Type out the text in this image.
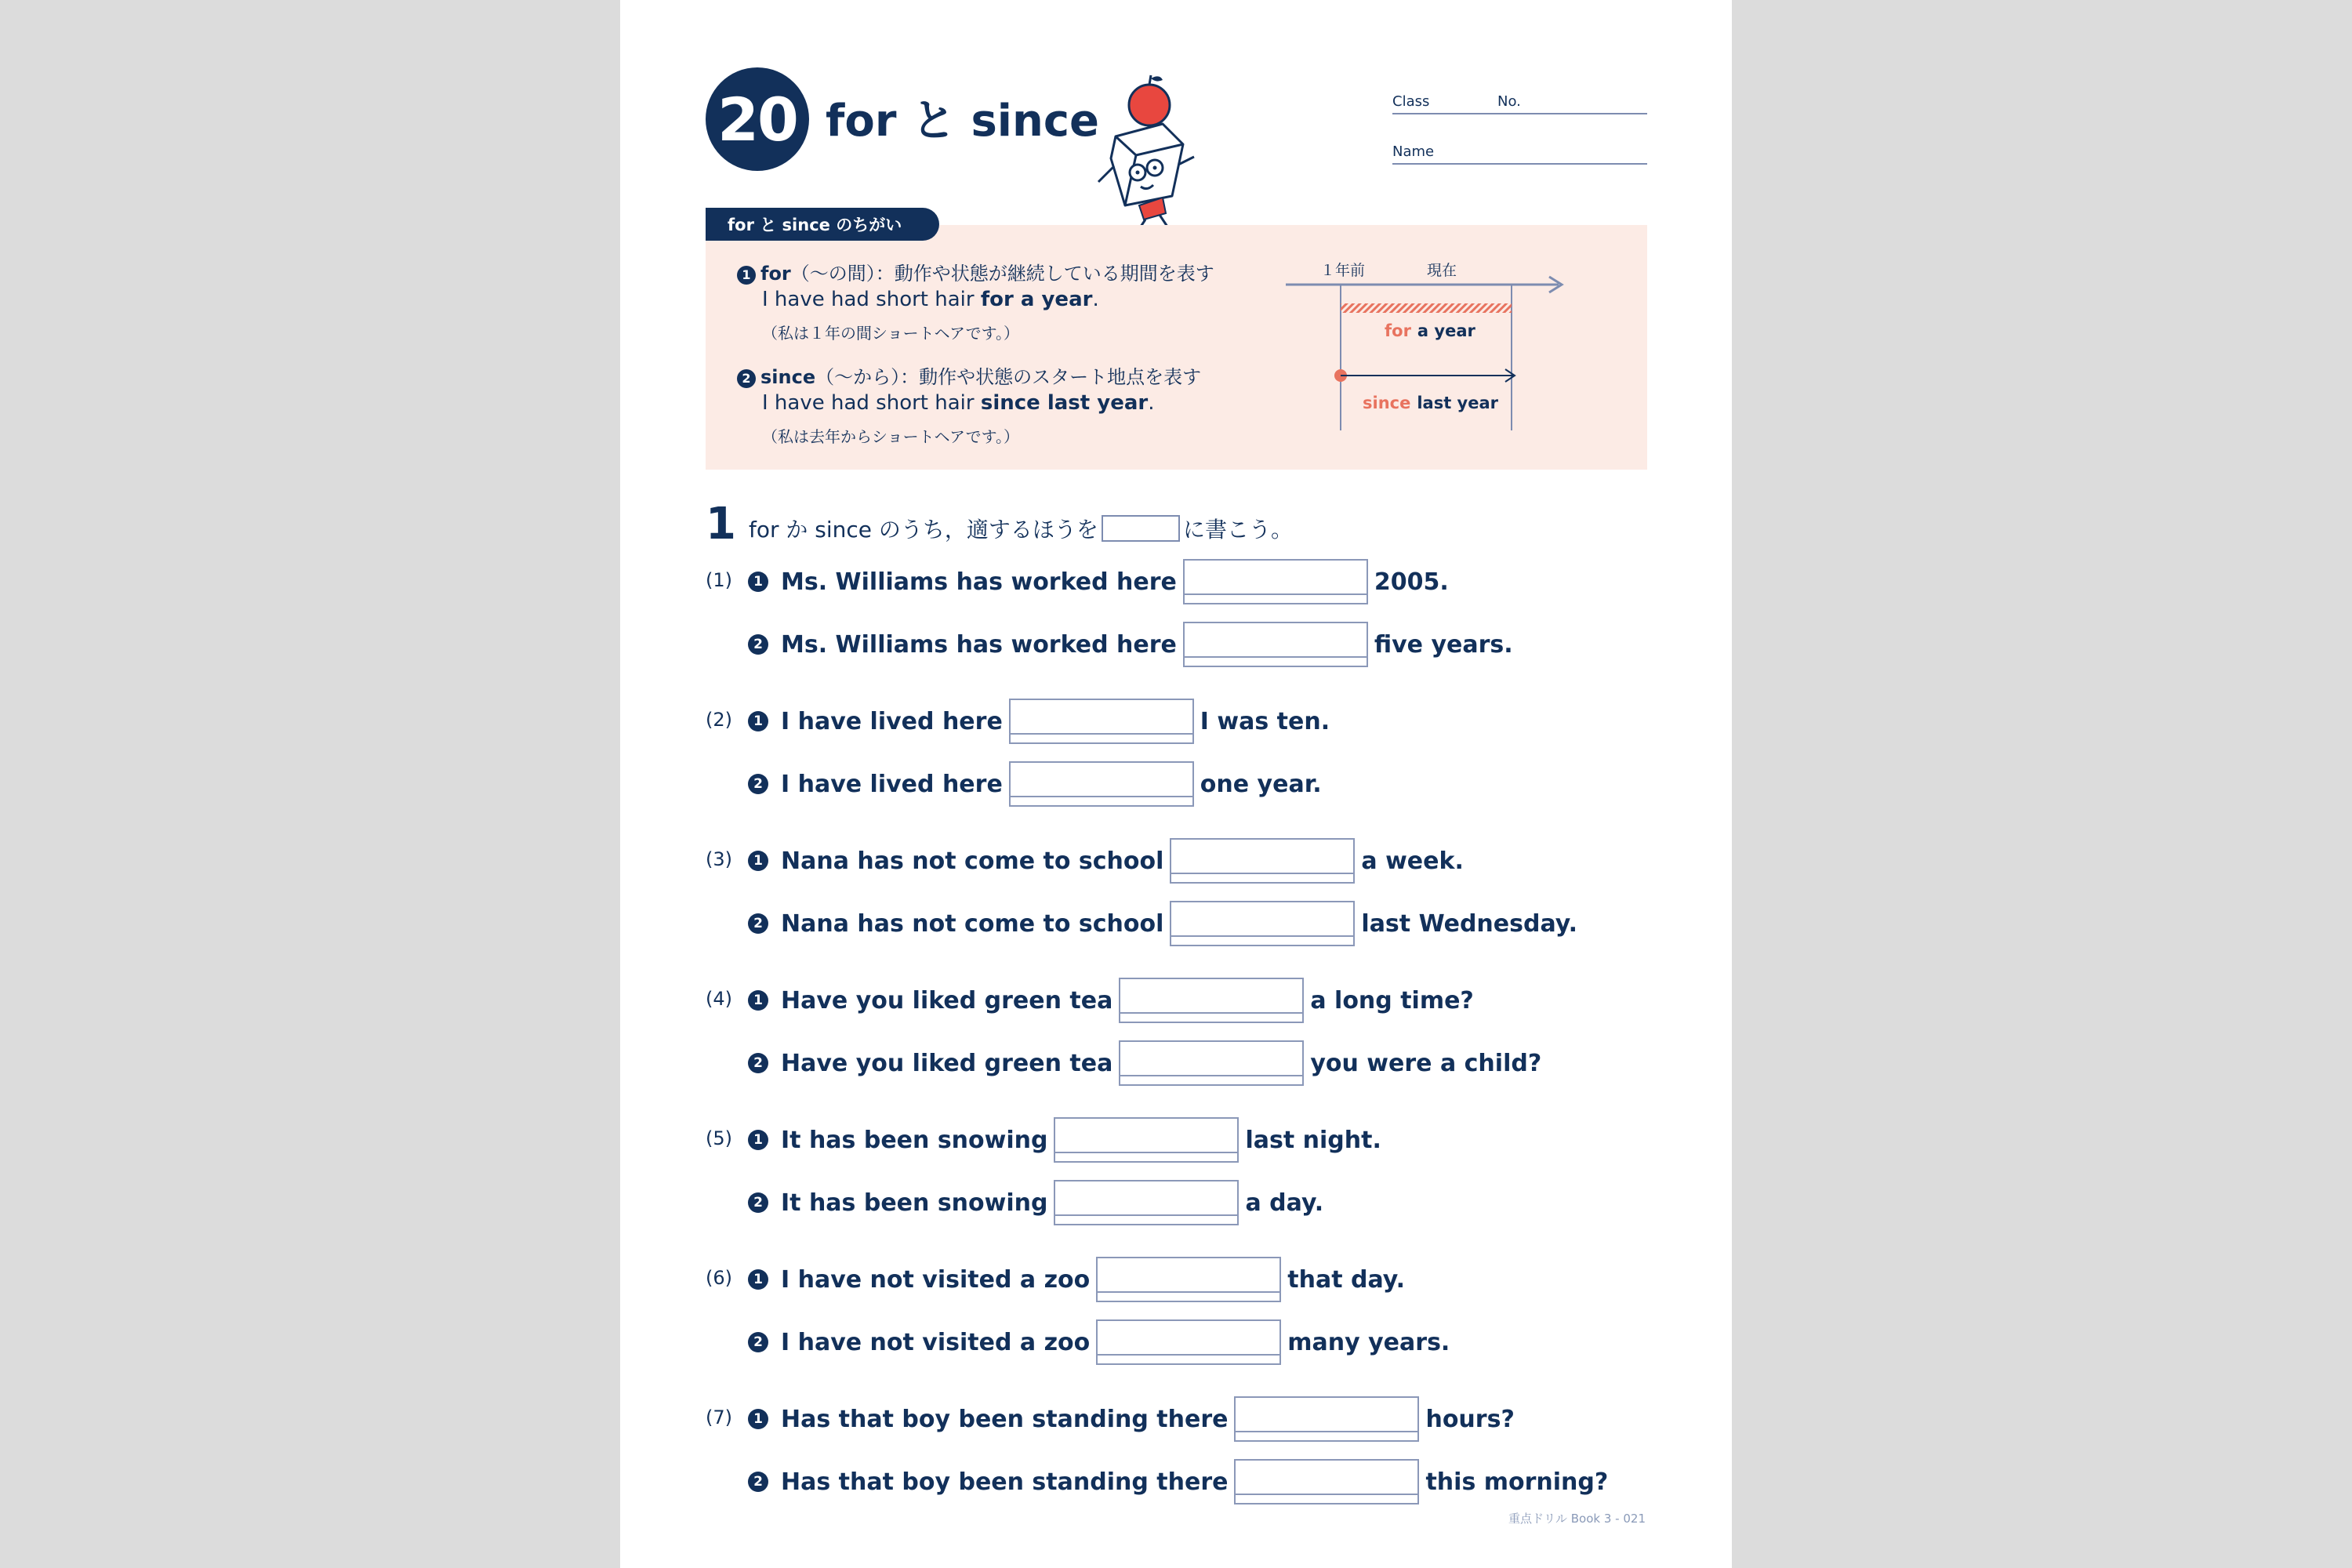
20 for と since	Class	No.
Name
1 for（〜の間）：動作や状態が継続している期間を表す
I have had short hair for a year.
（私は１年の間ショートヘアです。）
2 since（〜から）：動作や状態のスタート地点を表す
I have had short hair since last year.
（私は去年からショートヘアです。）
１年前	現在
for a year
since last year
for と since のちがい
1 for か since のうち，適するほうを	に書こう。
(1)	1 Ms. Williams has worked here	2005.
2 Ms. Williams has worked here	five years.
(2)	1 I have lived here	I was ten.
2 I have lived here	one year.
(3)	1 Nana has not come to school	a week.
2 Nana has not come to school	last Wednesday.
(4)	1 Have you liked green tea	a long time?
2 Have you liked green tea	you were a child?
(5)	1 It has been snowing	last night.
2 It has been snowing	a day.
(6)	1 I have not visited a zoo	that day.
2 I have not visited a zoo	many years.
(7)	1 Has that boy been standing there	hours?
2 Has that boy been standing there	this morning?
重点ドリル Book 3 - 021
